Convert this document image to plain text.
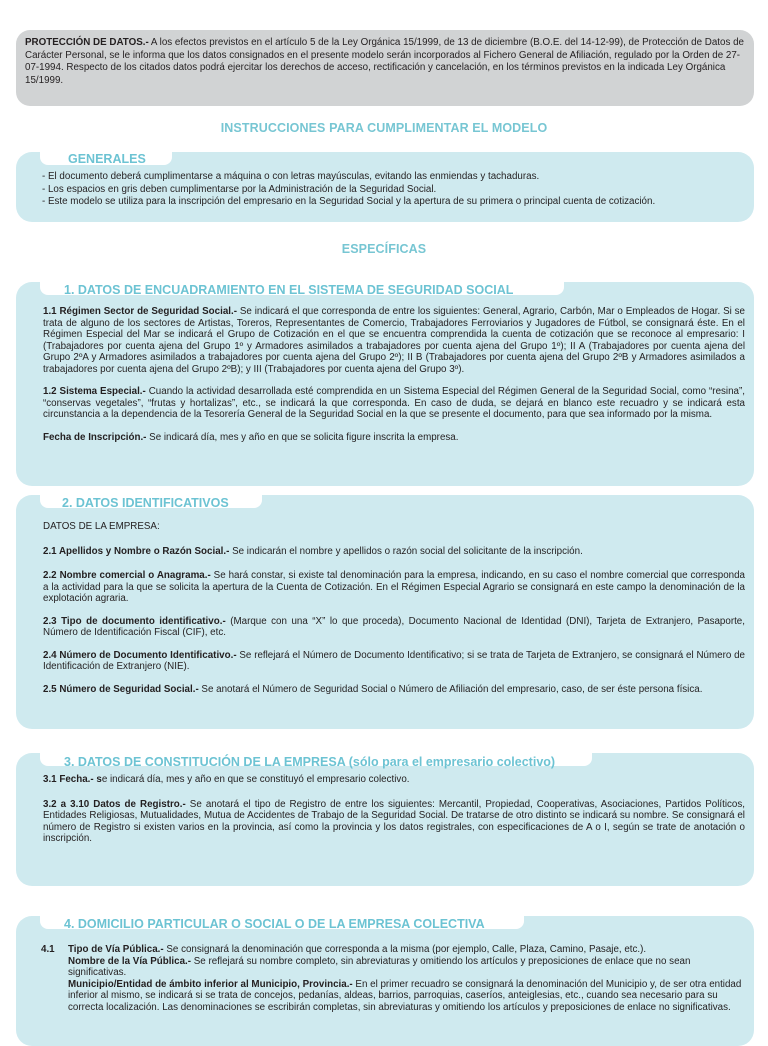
PROTECCIÓN DE DATOS.- A los efectos previstos en el artículo 5 de la Ley Orgánica 15/1999, de 13 de diciembre (B.O.E. del 14-12-99), de Protección de Datos de Carácter Personal, se le informa que los datos consignados en el presente modelo serán incorporados al Fichero General de Afiliación, regulado por la Orden de 27-07-1994. Respecto de los citados datos podrá ejercitar los derechos de acceso, rectificación y cancelación, en los términos previstos en la indicada Ley Orgánica 15/1999.
INSTRUCCIONES PARA CUMPLIMENTAR EL MODELO
GENERALES

- El documento deberá cumplimentarse a máquina o con letras mayúsculas, evitando las enmiendas y tachaduras.

- Los espacios en gris deben cumplimentarse por la Administración de la Seguridad Social.

- Este modelo se utiliza para la inscripción del empresario en la Seguridad Social y la apertura de su primera o principal cuenta de cotización.

ESPECÍFICAS
1. DATOS DE ENCUADRAMIENTO EN EL SISTEMA DE SEGURIDAD SOCIAL

1.1 Régimen Sector de Seguridad Social.- Se indicará el que corresponda de entre los siguientes: General, Agrario, Carbón, Mar o Empleados de Hogar. Si se trata de alguno de los sectores de Artistas, Toreros, Representantes de Comercio, Trabajadores Ferroviarios y Jugadores de Fútbol, se consignará éste. En el Régimen Especial del Mar se indicará el Grupo de Cotización en el que se encuentra comprendida la cuenta de cotización que se reconoce al empresario: I (Trabajadores por cuenta ajena del Grupo 1º y Armadores asimilados a trabajadores por cuenta ajena del Grupo 1º); II A (Trabajadores por cuenta ajena del Grupo 2ºA y Armadores asimilados a trabajadores por cuenta ajena del Grupo 2º); II B (Trabajadores por cuenta ajena del Grupo 2ºB y Armadores asimilados a trabajadores por cuenta ajena del Grupo 2ºB); y III (Trabajadores por cuenta ajena del Grupo 3º).

1.2 Sistema Especial.- Cuando la actividad desarrollada esté comprendida en un Sistema Especial del Régimen General de la Seguridad Social, como “resina”, “conservas vegetales”, “frutas y hortalizas”, etc., se indicará la que corresponda. En caso de duda, se dejará en blanco este recuadro y se indicará esta circunstancia a la dependencia de la Tesorería General de la Seguridad Social en la que se presente el documento, para que sea informado por la misma.

Fecha de Inscripción.- Se indicará día, mes y año en que se solicita figure inscrita la empresa.

2. DATOS IDENTIFICATIVOS

DATOS DE LA EMPRESA:

2.1 Apellidos y Nombre o Razón Social.- Se indicarán el nombre y apellidos o razón social del solicitante de la inscripción.

2.2 Nombre comercial o Anagrama.- Se hará constar, si existe tal denominación para la empresa, indicando, en su caso el nombre comercial que corresponda a la actividad para la que se solicita la apertura de la Cuenta de Cotización. En el Régimen Especial Agrario se consignará en este campo la denominación de la explotación agraria.

2.3 Tipo de documento identificativo.- (Marque con una “X” lo que proceda), Documento Nacional de Identidad (DNI), Tarjeta de Extranjero, Pasaporte, Número de Identificación Fiscal (CIF), etc.

2.4 Número de Documento Identificativo.- Se reflejará el Número de Documento Identificativo; si se trata de Tarjeta de Extranjero, se consignará el Número de Identificación de Extranjero (NIE).

2.5 Número de Seguridad Social.- Se anotará el Número de Seguridad Social o Número de Afiliación del empresario, caso, de ser éste persona física.

3. DATOS DE CONSTITUCIÓN DE LA EMPRESA (sólo para el empresario colectivo)

3.1 Fecha.- se indicará día, mes y año en que se constituyó el empresario colectivo.

3.2 a 3.10 Datos de Registro.- Se anotará el tipo de Registro de entre los siguientes: Mercantil, Propiedad, Cooperativas, Asociaciones, Partidos Políticos, Entidades Religiosas, Mutualidades, Mutua de Accidentes de Trabajo de la Seguridad Social. De tratarse de otro distinto se indicará su nombre. Se consignará el número de Registro si existen varios en la provincia, así como la provincia y los datos registrales, con especificaciones de A o I, según se trate de anotación o inscripción.

4. DOMICILIO PARTICULAR O SOCIAL O DE LA EMPRESA COLECTIVA

4.1 Tipo de Vía Pública.- Se consignará la denominación que corresponda a la misma (por ejemplo, Calle, Plaza, Camino, Pasaje, etc.).

Nombre de la Vía Pública.- Se reflejará su nombre completo, sin abreviaturas y omitiendo los artículos y preposiciones de enlace que no sean significativas.

Municipio/Entidad de ámbito inferior al Municipio, Provincia.- En el primer recuadro se consignará la denominación del Municipio y, de ser otra entidad inferior al mismo, se indicará si se trata de concejos, pedanías, aldeas, barrios, parroquias, caseríos, anteiglesias, etc., cuando sea necesario para su correcta localización. Las denominaciones se escribirán completas, sin abreviaturas y omitiendo los artículos y preposiciones de enlace no significativas.
